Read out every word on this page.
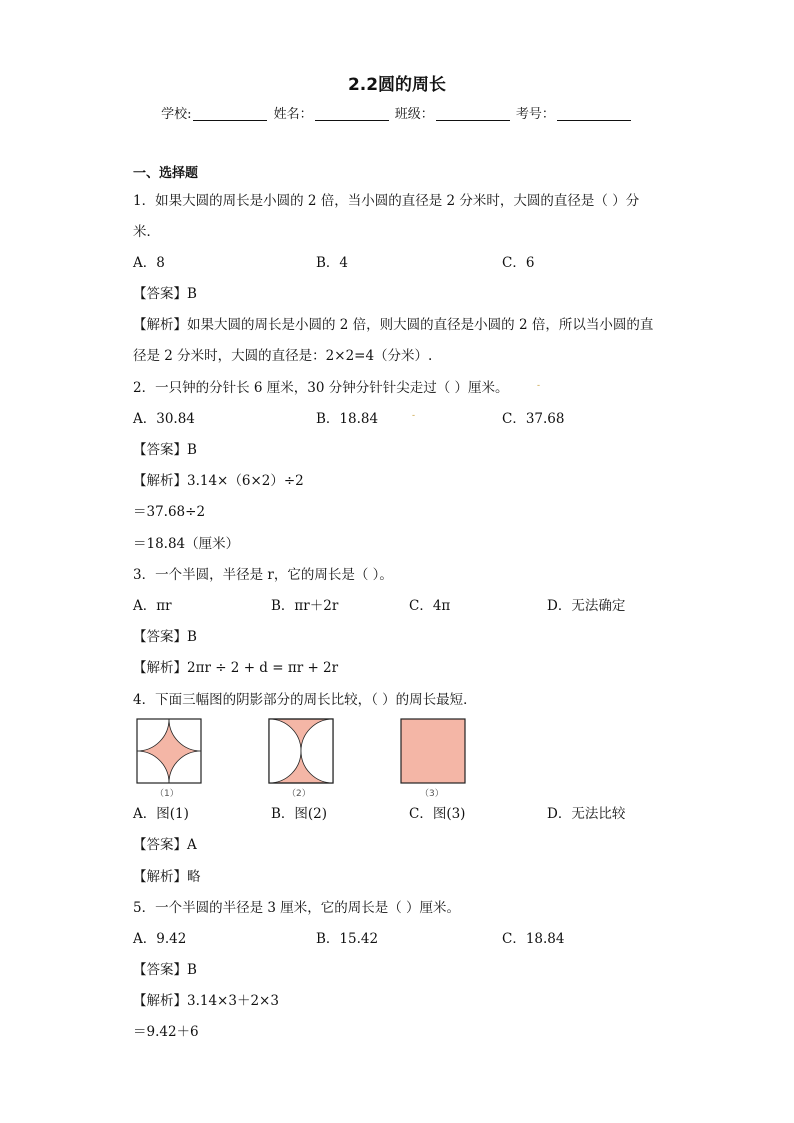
2.2圆的周长
学校:	姓名：	班级：	考号：
一、选择题
1．如果大圆的周长是小圆的 2 倍，当小圆的直径是 2 分米时，大圆的直径是（ ）分
米．
A．8	B．4	C．6
【答案】B
【解析】如果大圆的周长是小圆的 2 倍，则大圆的直径是小圆的 2 倍，所以当小圆的直
径是 2 分米时，大圆的直径是：2×2=4（分米）.
2．一只钟的分针长 6 厘米，30 分钟分针针尖走过（ ）厘米。	-
A．30.84	B．18.84	-	C．37.68
【答案】B
【解析】3.14×（6×2）÷2
＝37.68÷2
＝18.84（厘米）
3．一个半圆，半径是 r，它的周长是（ ）。
A．πr	B．πr＋2r	C．4π	D．无法确定
【答案】B
【解析】2πr ÷ 2 + d = πr + 2r
4．下面三幅图的阴影部分的周长比较，（ ）的周长最短．
（1）	（2）	（3）
A．图(1)	B．图(2)	C．图(3)	D．无法比较
【答案】A
【解析】略
5．一个半圆的半径是 3 厘米，它的周长是（ ）厘米。
A．9.42	B．15.42	C．18.84
【答案】B
【解析】3.14×3＋2×3
＝9.42＋6
